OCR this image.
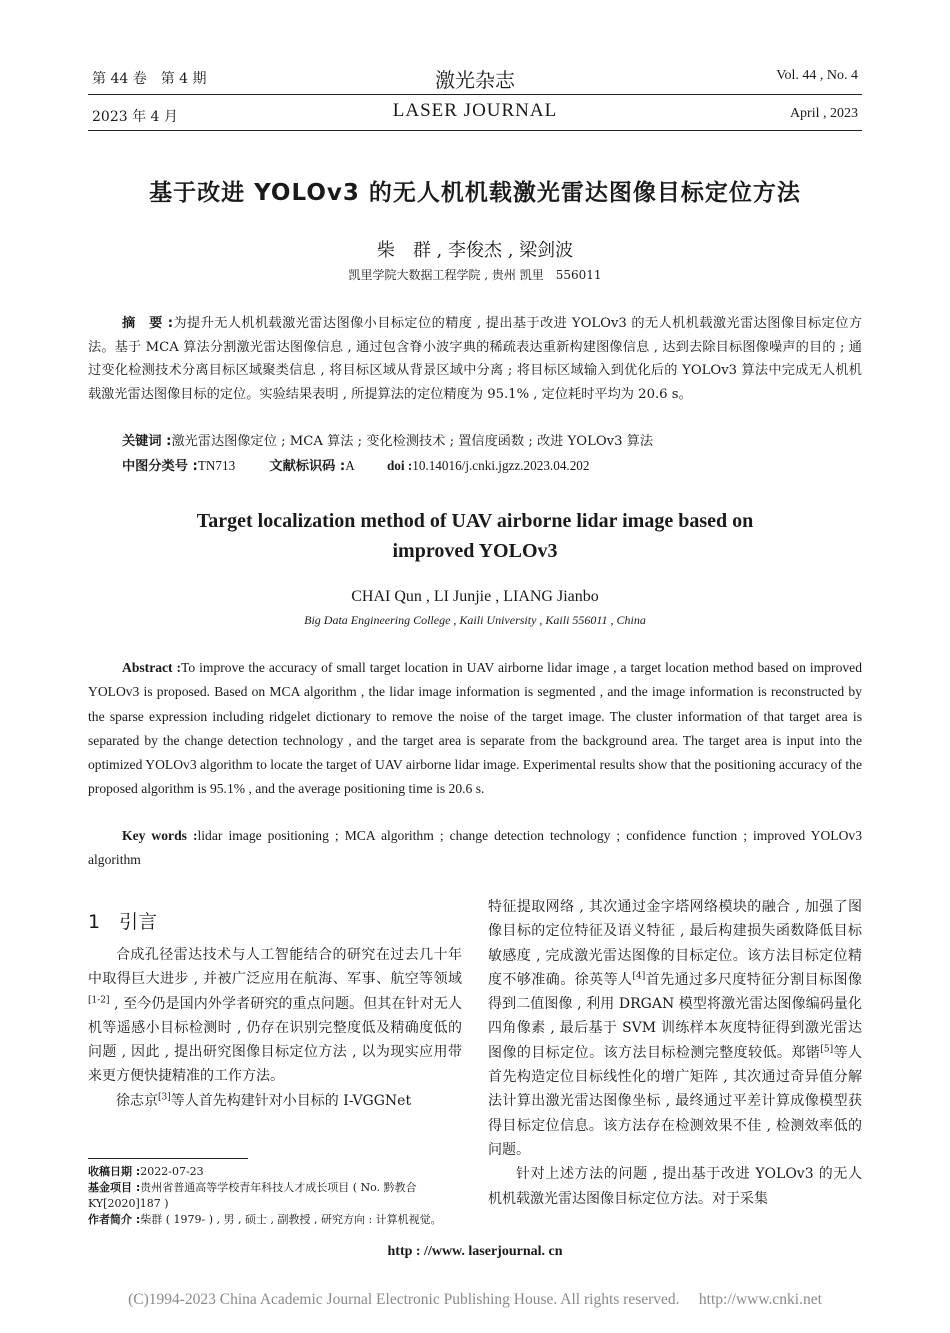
第 44 卷　第 4 期
2023 年 4 月
激光杂志
LASER JOURNAL
Vol. 44 , No. 4
April , 2023
基于改进 YOLOv3 的无人机机载激光雷达图像目标定位方法
柴　群 , 李俊杰 , 梁剑波
凯里学院大数据工程学院 , 贵州 凯里　556011

摘　要 :为提升无人机机载激光雷达图像小目标定位的精度 , 提出基于改进 YOLOv3 的无人机机载激光雷达图像目标定位方法。基于 MCA 算法分割激光雷达图像信息 , 通过包含脊小波字典的稀疏表达重新构建图像信息 , 达到去除目标图像噪声的目的 ; 通过变化检测技术分离目标区域聚类信息 , 将目标区域从背景区域中分离 ; 将目标区域输入到优化后的 YOLOv3 算法中完成无人机机载激光雷达图像目标的定位。实验结果表明 , 所提算法的定位精度为 95.1% , 定位耗时平均为 20.6 s。

关键词 :激光雷达图像定位 ; MCA 算法 ; 变化检测技术 ; 置信度函数 ; 改进 YOLOv3 算法

中图分类号 :TN713	文献标识码 :A doi :10.14016/j.cnki.jgzz.2023.04.202

Target localization method of UAV airborne lidar image based on
improved YOLOv3
CHAI Qun , LI Junjie , LIANG Jianbo
Big Data Engineering College , Kaili University , Kaili 556011 , China

Abstract :To improve the accuracy of small target location in UAV airborne lidar image , a target location method based on improved YOLOv3 is proposed. Based on MCA algorithm , the lidar image information is segmented , and the image information is reconstructed by the sparse expression including ridgelet dictionary to remove the noise of the target image. The cluster information of that target area is separated by the change detection technology , and the target area is separate from the background area. The target area is input into the optimized YOLOv3 algorithm to locate the target of UAV airborne lidar image. Experimental results show that the positioning accuracy of the proposed algorithm is 95.1% , and the average positioning time is 20.6 s.

Key words :lidar image positioning ; MCA algorithm ; change detection technology ; confidence function ; improved YOLOv3 algorithm

1　引言

合成孔径雷达技术与人工智能结合的研究在过去几十年中取得巨大进步 , 并被广泛应用在航海、军事、航空等领域[1-2] , 至今仍是国内外学者研究的重点问题。但其在针对无人机等遥感小目标检测时 , 仍存在识别完整度低及精确度低的问题 , 因此 , 提出研究图像目标定位方法 , 以为现实应用带来更方便快捷精准的工作方法。

徐志京[3]等人首先构建针对小目标的 I-VGGNet

特征提取网络 , 其次通过金字塔网络模块的融合 , 加强了图像目标的定位特征及语义特征 , 最后构建损失函数降低目标敏感度 , 完成激光雷达图像的目标定位。该方法目标定位精度不够准确。徐英等人[4]首先通过多尺度特征分割目标图像得到二值图像 , 利用 DRGAN 模型将激光雷达图像编码量化四角像素 , 最后基于 SVM 训练样本灰度特征得到激光雷达图像的目标定位。该方法目标检测完整度较低。郑锴[5]等人首先构造定位目标线性化的增广矩阵 , 其次通过奇异值分解法计算出激光雷达图像坐标 , 最终通过平差计算成像模型获得目标定位信息。该方法存在检测效果不佳 , 检测效率低的问题。

针对上述方法的问题 , 提出基于改进 YOLOv3 的无人机机载激光雷达图像目标定位方法。对于采集

收稿日期 :2022-07-23

基金项目 :贵州省普通高等学校青年科技人才成长项目 ( No. 黔教合 KY[2020]187 )

作者简介 :柴群 ( 1979- ) , 男 , 硕士 , 副教授 , 研究方向 : 计算机视觉。

http : //www. laserjournal. cn
(C)1994-2023 China Academic Journal Electronic Publishing House. All rights reserved.　 http://www.cnki.net
